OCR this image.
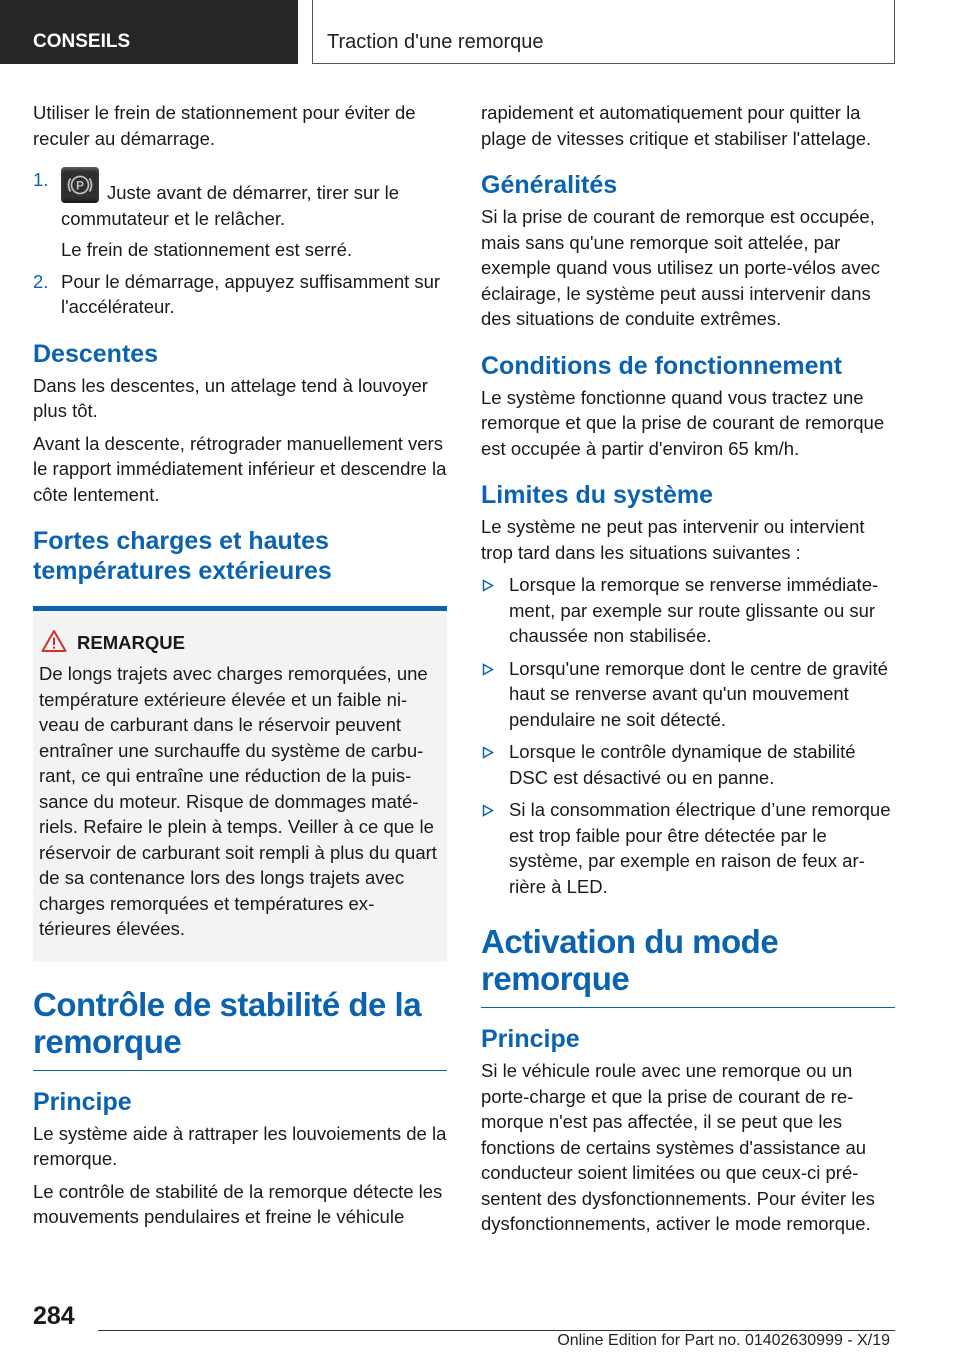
CONSEILS	Traction d'une remorque

Utiliser le frein de stationnement pour éviter de reculer au démarrage.

1. P Juste avant de démarrer, tirer sur le commutateur et le relâcher.
Le frein de stationnement est serré.
2. Pour le démarrage, appuyez suffisamment sur l'accélérateur.
Descentes

Dans les descentes, un attelage tend à louvoyer plus tôt.

Avant la descente, rétrograder manuellement vers le rapport immédiatement inférieur et descendre la côte lentement.

Fortes charges et hautes températures extérieures
REMARQUE

De longs trajets avec charges remorquées, une température extérieure élevée et un faible niveau de carburant dans le réservoir peuvent entraîner une surchauffe du système de carburant, ce qui entraîne une réduction de la puissance du moteur. Risque de dommages matériels. Refaire le plein à temps. Veiller à ce que le réservoir de carburant soit rempli à plus du quart de sa contenance lors des longs trajets avec charges remorquées et températures extérieures élevées.

Contrôle de stabilité de la remorque
Principe

Le système aide à rattraper les louvoiements de la remorque.

Le contrôle de stabilité de la remorque détecte les mouvements pendulaires et freine le véhicule

rapidement et automatiquement pour quitter la plage de vitesses critique et stabiliser l'attelage.

Généralités

Si la prise de courant de remorque est occupée, mais sans qu'une remorque soit attelée, par exemple quand vous utilisez un porte-vélos avec éclairage, le système peut aussi intervenir dans des situations de conduite extrêmes.

Conditions de fonctionnement

Le système fonctionne quand vous tractez une remorque et que la prise de courant de remorque est occupée à partir d'environ 65 km/h.

Limites du système

Le système ne peut pas intervenir ou intervient trop tard dans les situations suivantes :

Lorsque la remorque se renverse immédiatement, par exemple sur route glissante ou sur chaussée non stabilisée.
Lorsqu'une remorque dont le centre de gravité haut se renverse avant qu'un mouvement pendulaire ne soit détecté.
Lorsque le contrôle dynamique de stabilité DSC est désactivé ou en panne.
Si la consommation électrique d’une remorque est trop faible pour être détectée par le système, par exemple en raison de feux arrière à LED.
Activation du mode remorque
Principe

Si le véhicule roule avec une remorque ou un porte-charge et que la prise de courant de remorque n'est pas affectée, il se peut que les fonctions de certains systèmes d'assistance au conducteur soient limitées ou que ceux-ci présentent des dysfonctionnements. Pour éviter les dysfonctionnements, activer le mode remorque.

284
Online Edition for Part no. 01402630999 - X/19
